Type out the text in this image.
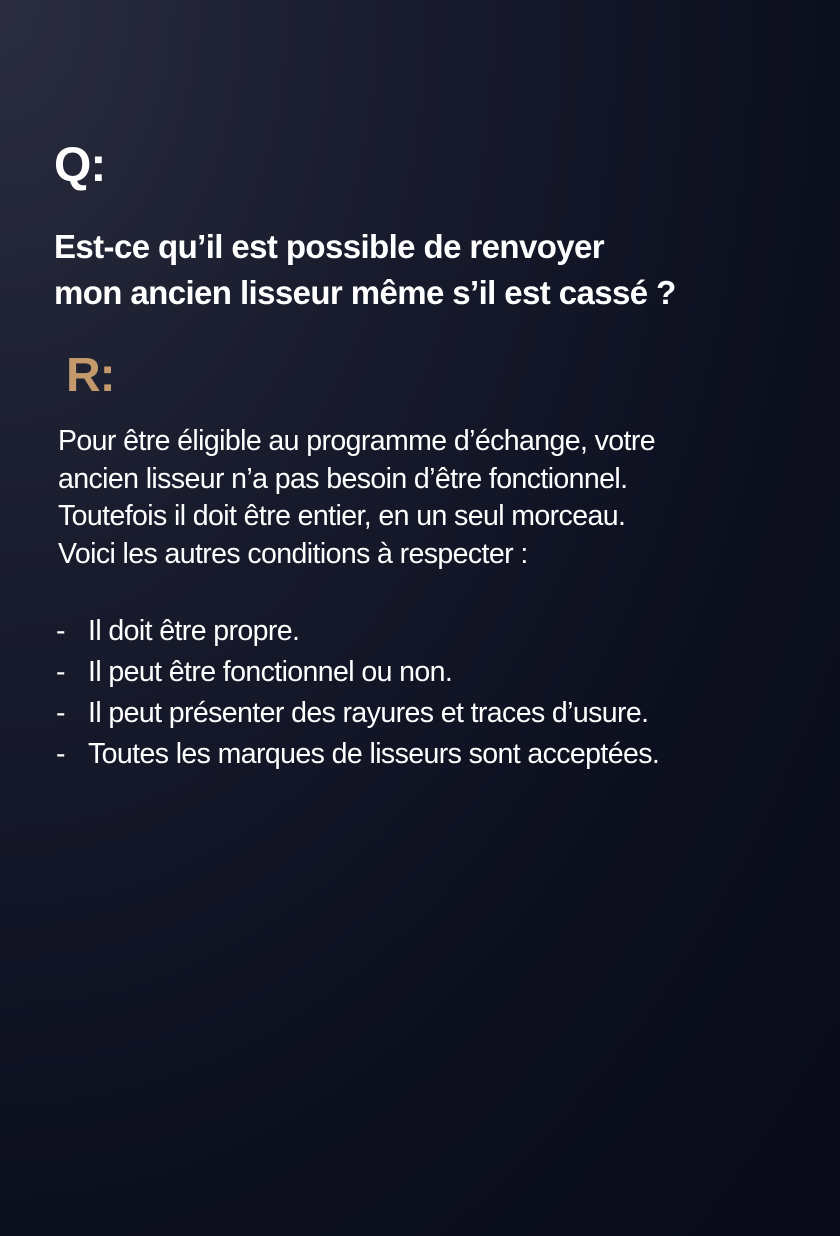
Q:
Est-ce qu’il est possible de renvoyer
mon ancien lisseur même s’il est cassé ?
R:
Pour être éligible au programme d’échange, votre
ancien lisseur n’a pas besoin d’être fonctionnel.
Toutefois il doit être entier, en un seul morceau.
Voici les autres conditions à respecter :
- Il doit être propre.
- Il peut être fonctionnel ou non.
- Il peut présenter des rayures et traces d’usure.
- Toutes les marques de lisseurs sont acceptées.
